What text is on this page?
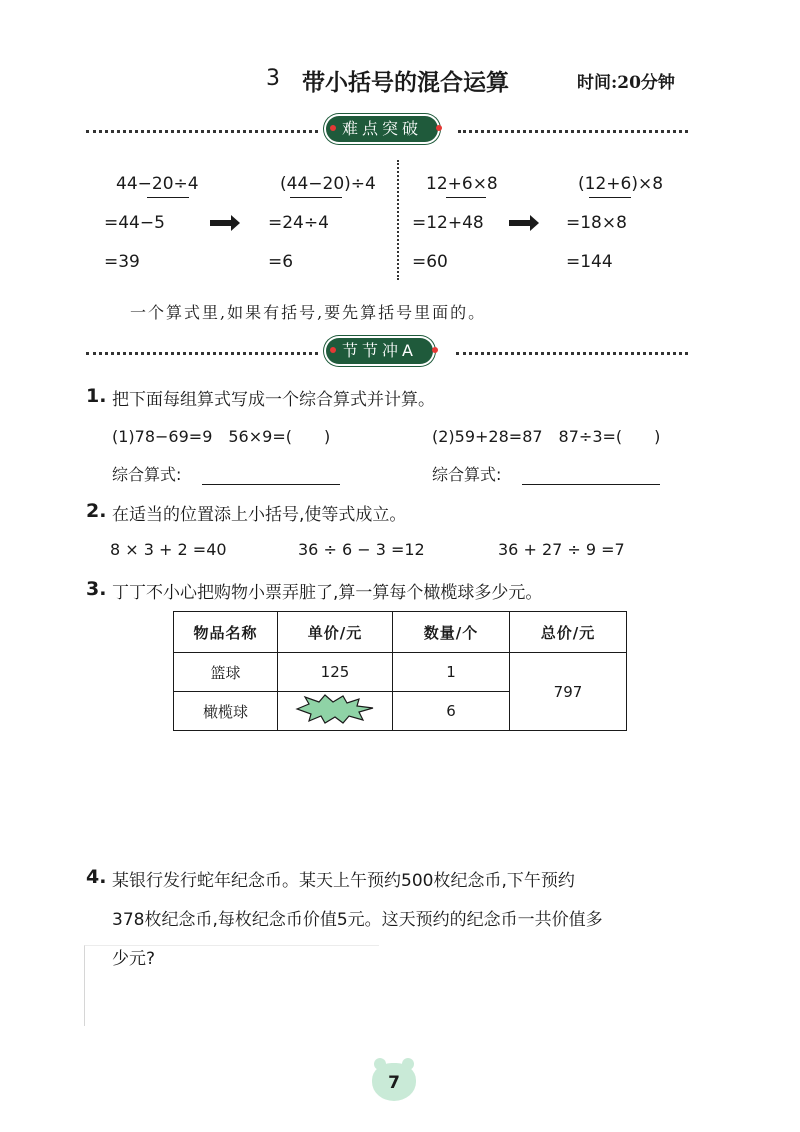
3 带小括号的混合运算	时间:20分钟
难点突破
44−20÷4
=44−5
=39
(44−20)÷4
=24÷4
=6
12+6×8
=12+48
=60
(12+6)×8
=18×8
=144
一个算式里,如果有括号,要先算括号里面的。
节节冲A
1. 把下面每组算式写成一个综合算式并计算。
(1)78−69=9　56×9=(　　)	(2)59+28=87　87÷3=(　　)
综合算式:	综合算式:
2. 在适当的位置添上小括号,使等式成立。
8 × 3 + 2 =40	36 ÷ 6 − 3 =12	36 + 27 ÷ 9 =7
3. 丁丁不小心把购物小票弄脏了,算一算每个橄榄球多少元。
物品名称	单价/元	数量/个	总价/元
篮球	125	1	797
橄榄球		6	
4. 某银行发行蛇年纪念币。某天上午预约500枚纪念币,下午预约
378枚纪念币,每枚纪念币价值5元。这天预约的纪念币一共价值多
少元?
7
